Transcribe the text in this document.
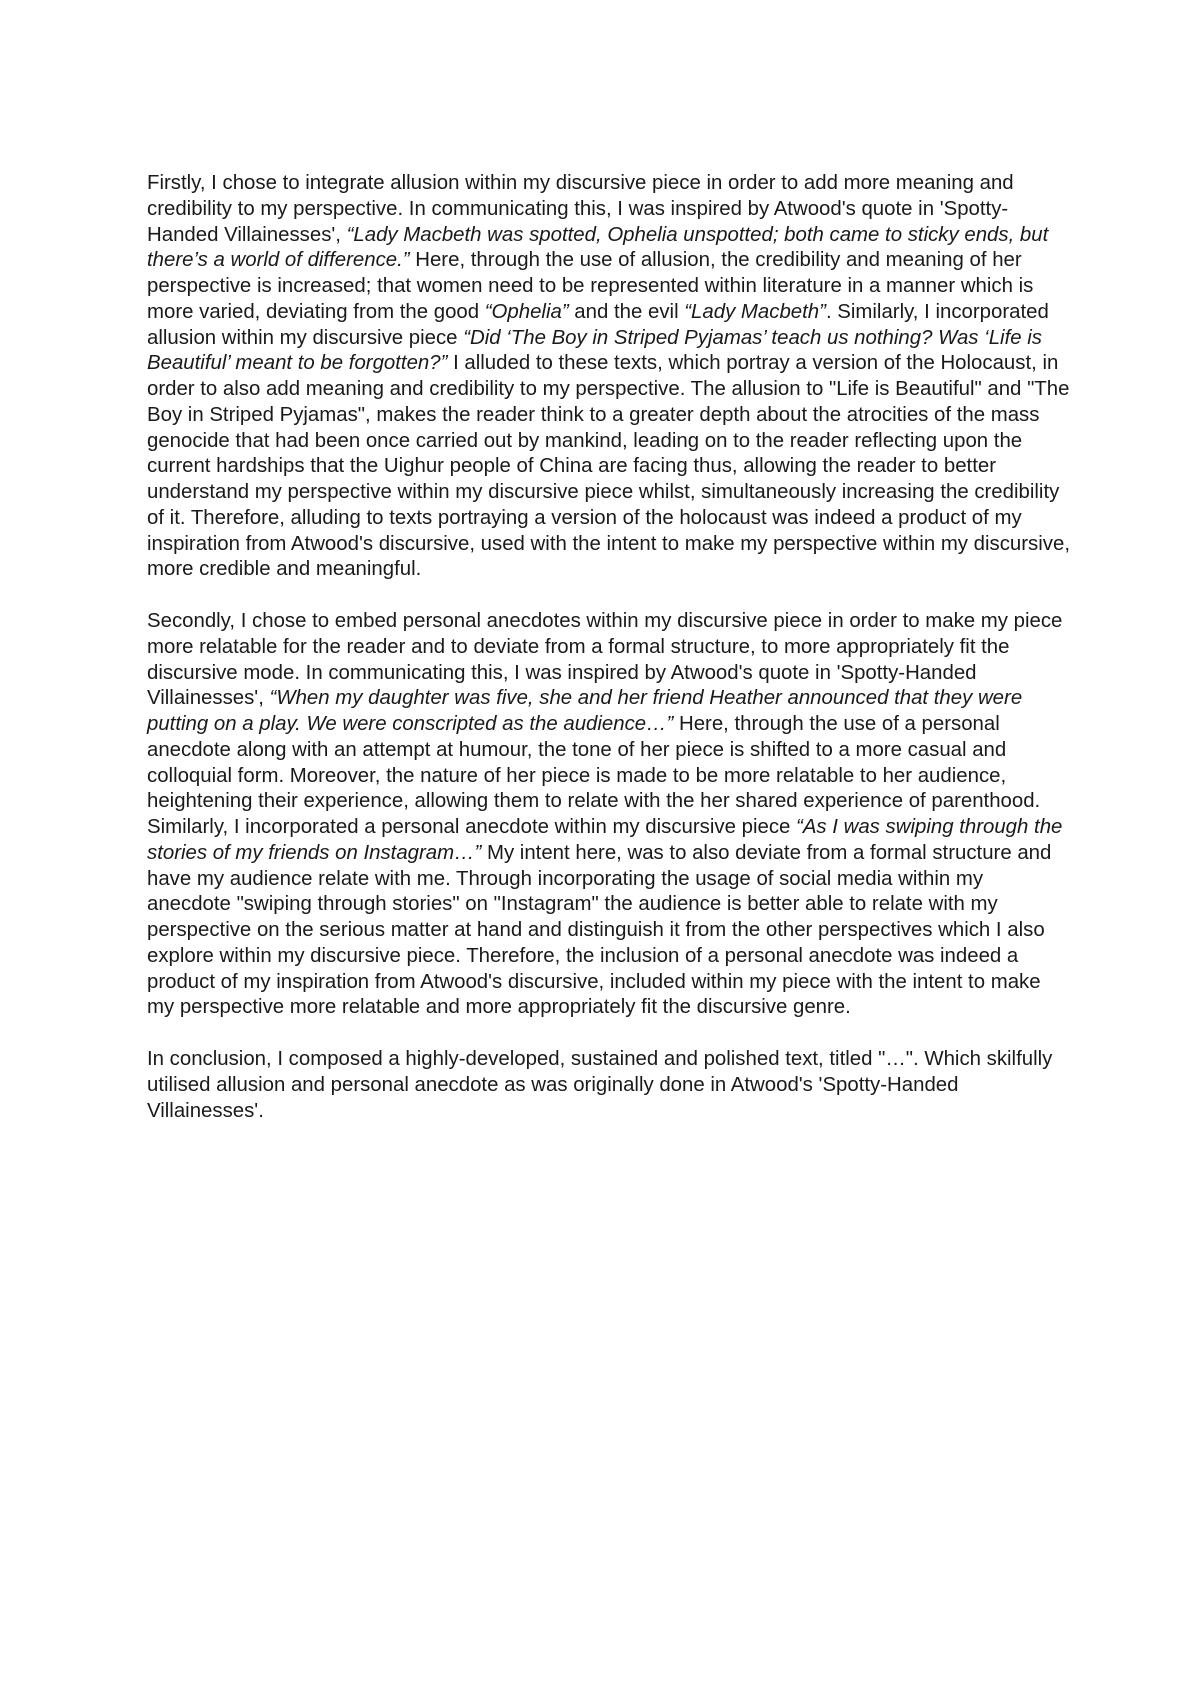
Firstly, I chose to integrate allusion within my discursive piece in order to add more meaning and credibility to my perspective. In communicating this, I was inspired by Atwood's quote in 'Spotty-Handed Villainesses', “Lady Macbeth was spotted, Ophelia unspotted; both came to sticky ends, but there’s a world of difference.” Here, through the use of allusion, the credibility and meaning of her perspective is increased; that women need to be represented within literature in a manner which is more varied, deviating from the good “Ophelia” and the evil “Lady Macbeth”. Similarly, I incorporated allusion within my discursive piece “Did ‘The Boy in Striped Pyjamas’ teach us nothing? Was ‘Life is Beautiful’ meant to be forgotten?” I alluded to these texts, which portray a version of the Holocaust, in order to also add meaning and credibility to my perspective. The allusion to "Life is Beautiful" and "The Boy in Striped Pyjamas", makes the reader think to a greater depth about the atrocities of the mass genocide that had been once carried out by mankind, leading on to the reader reflecting upon the current hardships that the Uighur people of China are facing thus, allowing the reader to better understand my perspective within my discursive piece whilst, simultaneously increasing the credibility of it. Therefore, alluding to texts portraying a version of the holocaust was indeed a product of my inspiration from Atwood's discursive, used with the intent to make my perspective within my discursive, more credible and meaningful.

Secondly, I chose to embed personal anecdotes within my discursive piece in order to make my piece more relatable for the reader and to deviate from a formal structure, to more appropriately fit the discursive mode. In communicating this, I was inspired by Atwood's quote in 'Spotty-Handed Villainesses', “When my daughter was five, she and her friend Heather announced that they were putting on a play. We were conscripted as the audience…” Here, through the use of a personal anecdote along with an attempt at humour, the tone of her piece is shifted to a more casual and colloquial form. Moreover, the nature of her piece is made to be more relatable to her audience, heightening their experience, allowing them to relate with the her shared experience of parenthood. Similarly, I incorporated a personal anecdote within my discursive piece “As I was swiping through the stories of my friends on Instagram…” My intent here, was to also deviate from a formal structure and have my audience relate with me. Through incorporating the usage of social media within my anecdote "swiping through stories" on "Instagram" the audience is better able to relate with my perspective on the serious matter at hand and distinguish it from the other perspectives which I also explore within my discursive piece. Therefore, the inclusion of a personal anecdote was indeed a product of my inspiration from Atwood's discursive, included within my piece with the intent to make my perspective more relatable and more appropriately fit the discursive genre.

In conclusion, I composed a highly-developed, sustained and polished text, titled "…". Which skilfully utilised allusion and personal anecdote as was originally done in Atwood's 'Spotty-Handed Villainesses'.
